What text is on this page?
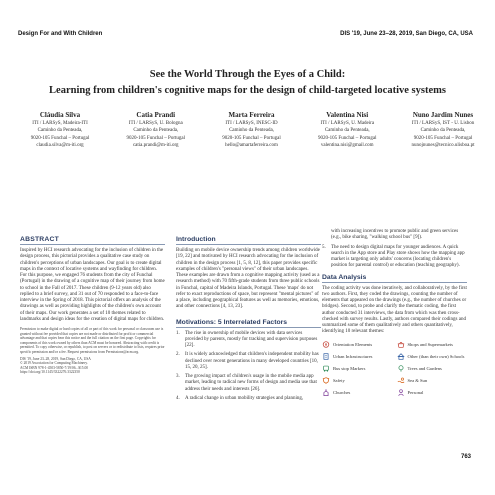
Design For and With Children	DIS '19, June 23–28, 2019, San Diego, CA, USA
See the World Through the Eyes of a Child:
Learning from children's cognitive maps for the design of child-targeted locative systems
Cláudia Silva
ITI / LARSyS, Madeira-ITI
Caminho da Penteada,
9020-105 Funchal – Portugal
claudia.silva@m-iti.org
Catia Prandi
ITI / LARSyS, U. Bologna
Caminho da Penteada,
9020-105 Funchal – Portugal
catia.prandi@m-iti.org
Marta Ferreira
ITI / LARSyS, INESC-ID
Caminho da Penteada,
9020-105 Funchal – Portugal
hello@amartaferreira.com
Valentina Nisi
ITI / LARSyS, U. Madeira
Caminho da Penteada,
9020-105 Funchal – Portugal
valentina.nisi@gmail.com
Nuno Jardim Nunes
ITI / LARSyS, IST - U. Lisbon
Caminho da Penteada,
9020-105 Funchal – Portugal
nunojnunes@tecnico.ulisboa.pt
ABSTRACT
Inspired by HCI research advocating for the inclusion of children in the design process, this pictorial provides a qualitative case study on children's perceptions of urban landscapes. Our goal is to create digital maps in the context of locative systems and wayfinding for children. For this purpose, we engaged 76 students from the city of Funchal (Portugal) in the drawing of a cognitive map of their journey from home to school in the Fall of 2017. These children (9-12 years old) also replied to a brief survey, and 31 out of 70 responded to a face-to-face interview in the Spring of 2018. This pictorial offers an analysis of the drawings as well as providing highlights of the children's own account of their maps. Our work generates a set of 10 themes related to landmarks and design ideas for the creation of digital maps for children.
Permission to make digital or hard copies of all or part of this work for personal or classroom use is granted without fee provided that copies are not made or distributed for profit or commercial advantage and that copies bear this notice and the full citation on the first page. Copyrights for components of this work owned by others than ACM must be honored. Abstracting with credit is permitted. To copy otherwise, or republish, to post on servers or to redistribute to lists, requires prior specific permission and/or a fee. Request permissions from Permissions@acm.org.
DIS '19, June 23–28, 2019, San Diego, CA, USA
© 2019 Association for Computing Machinery.
ACM ISBN 978-1-4503-5850-7/19/06...$15.00
https://doi.org/10.1145/3322276.3322350
Introduction
Building on mobile device ownership trends among children worldwide [19, 22] and motivated by HCI research advocating for the inclusion of children in the design process [1, 5, 8, 12], this paper provides specific examples of children's "personal views" of their urban landscapes. These examples are drawn from a cognitive mapping activity (used as a research method) with 70 fifth-grade students from three public schools in Funchal, capital of Madeira Islands, Portugal. These 'maps' do not refer to exact reproductions of space, but represent "mental pictures" of a place, including geographical features as well as memories, emotions, and other connections [4, 13, 23].
Motivations: 5 Interrelated Factors
1.	The rise in ownership of mobile devices with data services provided by parents, mostly for tracking and supervision purposes [22].
2.	It is widely acknowledged that children's independent mobility has declined over recent generations in many developed countries [10, 15, 20, 25].
3.	The growing impact of children's usage in the mobile media app market, leading to radical new forms of design and media use that address their needs and interests [26].
4.	A radical change in urban mobility strategies and planning,
with increasing incentives to promote public and green services (e.g., bike sharing, "walking school bus" [9]).
5.	The need to design digital maps for younger audiences. A quick search in the App store and Play store shows how the mapping app market is targeting only adults' concerns (locating children's position for parental control) or education (teaching geography).
Data Analysis
The coding activity was done iteratively, and collaboratively, by the first two authors. First, they coded the drawings, counting the number of elements that appeared on the drawings (e.g., the number of churches or bridges). Second, to probe and clarify the thematic coding, the first author conducted 31 interviews, the data from which was then cross-checked with survey results. Lastly, authors compared their codings and summarized some of them qualitatively and others quantitatively, identifying 10 relevant themes:
Orientation Elements	Shops and Supermarkets
Urban Infrastructures	Other (than their own) Schools
Bus stop Markers	Trees and Gardens
Safety	Sea & Sun
Churches	Personal
763
